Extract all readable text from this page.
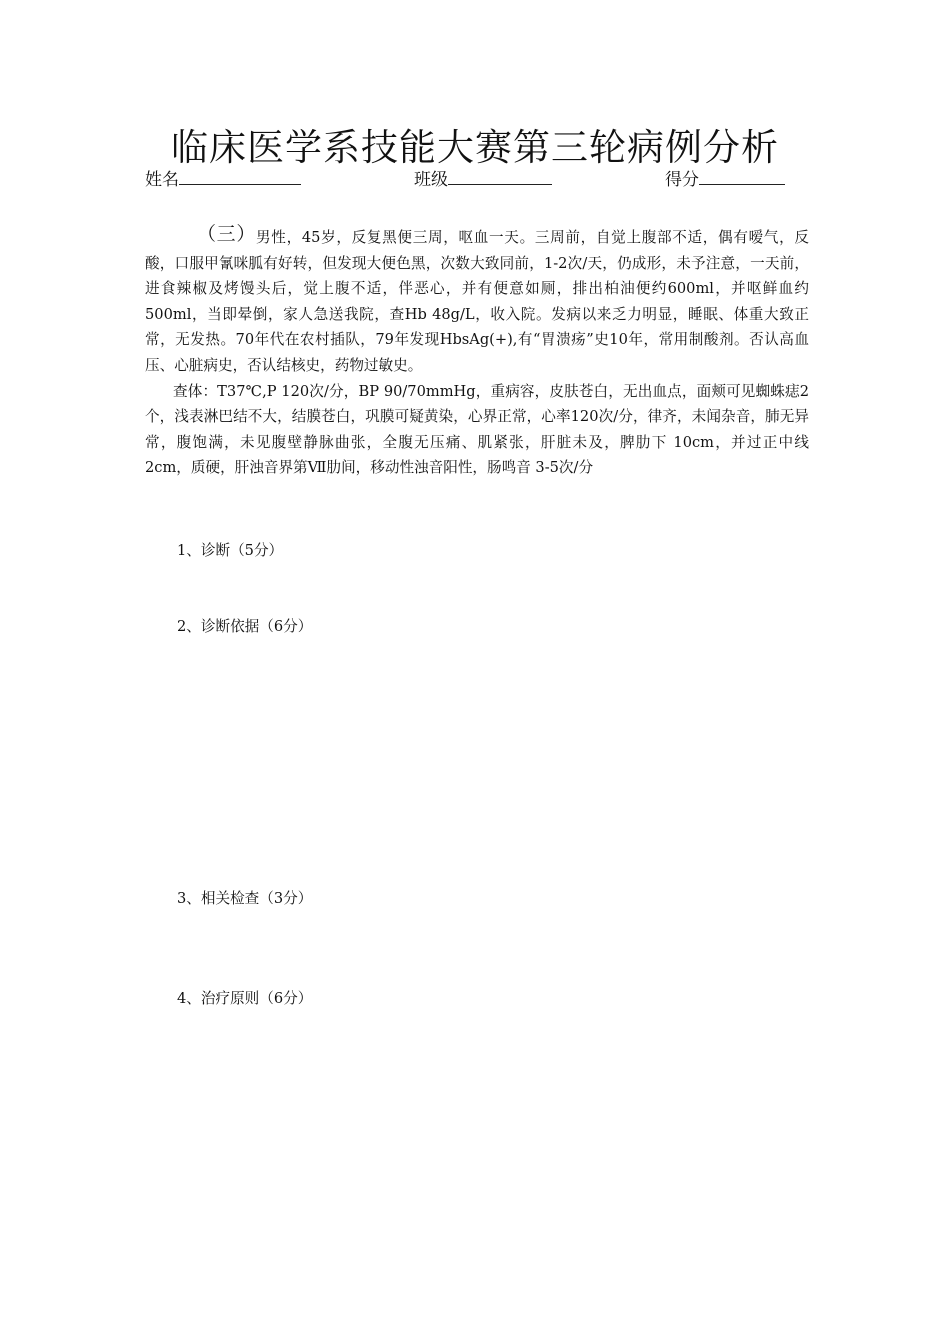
临床医学系技能大赛第三轮病例分析
姓名	班级	得分

（三）男性，45岁，反复黑便三周，呕血一天。三周前，自觉上腹部不适，偶有嗳气，反酸，口服甲氰咪胍有好转，但发现大便色黑，次数大致同前，1-2次/天，仍成形，未予注意，一天前，进食辣椒及烤馒头后，觉上腹不适，伴恶心，并有便意如厕，排出柏油便约600ml，并呕鲜血约500ml，当即晕倒，家人急送我院，查Hb 48g/L，收入院。发病以来乏力明显，睡眠、体重大致正常，无发热。70年代在农村插队，79年发现HbsAg(+),有“胃溃疡”史10年，常用制酸剂。否认高血压、心脏病史，否认结核史，药物过敏史。

查体：T37℃,P 120次/分，BP 90/70mmHg，重病容，皮肤苍白，无出血点，面颊可见蜘蛛痣2个，浅表淋巴结不大，结膜苍白，巩膜可疑黄染，心界正常，心率120次/分，律齐，未闻杂音，肺无异常，腹饱满，未见腹壁静脉曲张，全腹无压痛、肌紧张，肝脏未及，脾肋下 10cm，并过正中线 2cm，质硬，肝浊音界第Ⅶ肋间，移动性浊音阳性，肠鸣音 3-5次/分

1、诊断（5分）
2、诊断依据（6分）
3、相关检查（3分）
4、治疗原则（6分）
